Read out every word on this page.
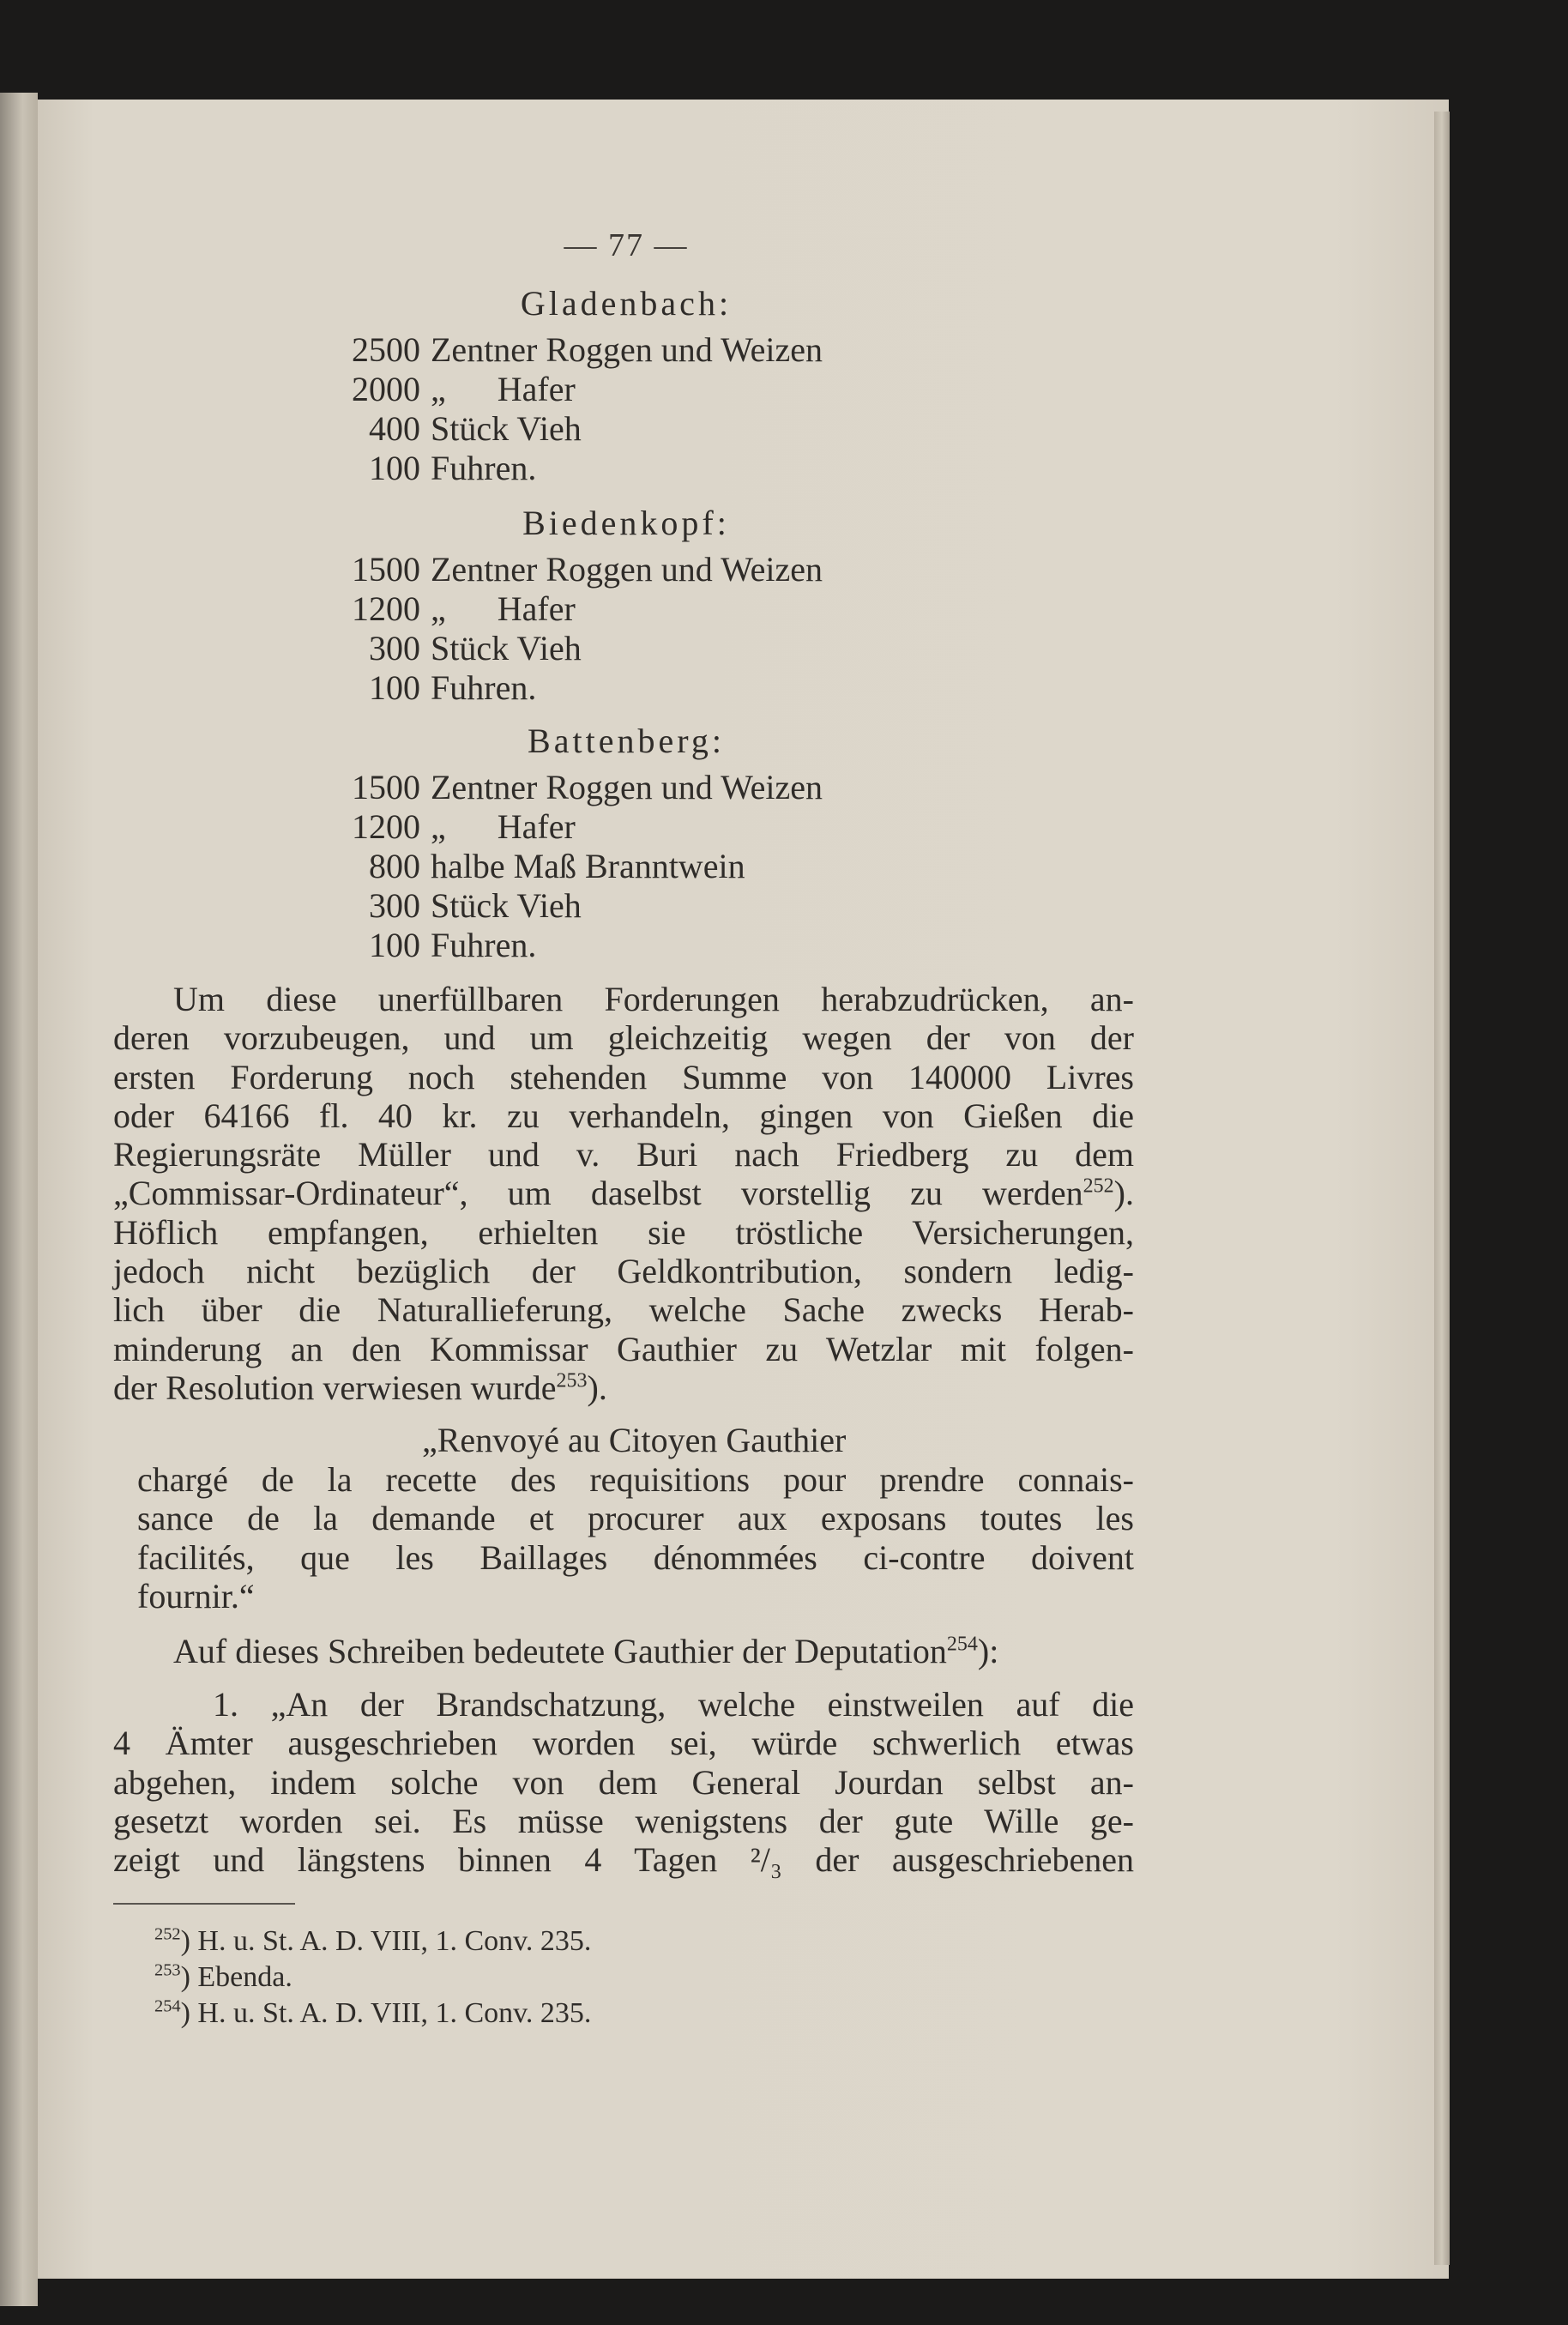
— 77 —
Gladenbach:
2500 Zentner Roggen und Weizen
2000 „      Hafer
400 Stück Vieh
100 Fuhren.
Biedenkopf:
1500 Zentner Roggen und Weizen
1200 „      Hafer
300 Stück Vieh
100 Fuhren.
Battenberg:
1500 Zentner Roggen und Weizen
1200 „      Hafer
800 halbe Maß Branntwein
300 Stück Vieh
100 Fuhren.
Um diese unerfüllbaren Forderungen herabzudrücken, an-
deren vorzubeugen, und um gleichzeitig wegen der von der
ersten Forderung noch stehenden Summe von 140000 Livres
oder 64166 fl. 40 kr. zu verhandeln, gingen von Gießen die
Regierungsräte Müller und v. Buri nach Friedberg zu dem
„Commissar-Ordinateur“, um daselbst vorstellig zu werden$^{252}$).
Höflich empfangen, erhielten sie tröstliche Versicherungen,
jedoch nicht bezüglich der Geldkontribution, sondern ledig-
lich über die Naturallieferung, welche Sache zwecks Herab-
minderung an den Kommissar Gauthier zu Wetzlar mit folgen-
der Resolution verwiesen wurde$^{253}$).
„Renvoyé au Citoyen Gauthier
chargé de la recette des requisitions pour prendre connais-
sance de la demande et procurer aux exposans toutes les
facilités, que les Baillages dénommées ci-contre doivent
fournir.“
Auf dieses Schreiben bedeutete Gauthier der Deputation$^{254}$):
1. „An der Brandschatzung, welche einstweilen auf die
4 Ämter ausgeschrieben worden sei, würde schwerlich etwas
abgehen, indem solche von dem General Jourdan selbst an-
gesetzt worden sei. Es müsse wenigstens der gute Wille ge-
zeigt und längstens binnen 4 Tagen ²/₃ der ausgeschriebenen
$^{252}$) H. u. St. A. D. VIII, 1. Conv. 235.
$^{253}$) Ebenda.
$^{254}$) H. u. St. A. D. VIII, 1. Conv. 235.
